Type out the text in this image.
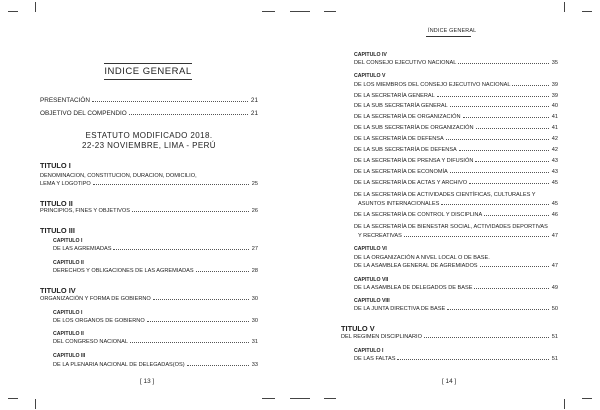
INDICE GENERAL
PRESENTACIÓN	21
OBJETIVO DEL COMPENDIO	21
ESTATUTO MODIFICADO 2018.
22-23 NOVIEMBRE, LIMA - PERÚ
TITULO I
DENOMINACION, CONSTITUCION, DURACION, DOMICILIO,
LEMA Y LOGOTIPO	25
TITULO II
PRINCIPIOS, FINES Y OBJETIVOS	26
TITULO III
CAPITULO I
DE LAS AGREMIADAS	27
CAPITULO II
DERECHOS Y OBLIGACIONES DE LAS AGREMIADAS	28
TITULO IV
ORGANIZACIÓN Y FORMA DE GOBIERNO	30
CAPITULO I
DE LOS ORGANOS DE GOBIERNO	30
CAPITULO II
DEL CONGRESO NACIONAL	31
CAPITULO III
DE LA PLENARIA NACIONAL DE DELEGADAS(OS)	33
[ 13 ]
ÍNDICE GENERAL
CAPITULO IV
DEL CONSEJO EJECUTIVO NACIONAL	35
CAPITULO V
DE LOS MIEMBROS DEL CONSEJO EJECUTIVO NACIONAL	39
DE LA SECRETARÍA GENERAL	39
DE LA SUB SECRETARÍA GENERAL	40
DE LA SECRETARÍA DE ORGANIZACIÓN	41
DE LA SUB SECRETARÍA DE ORGANIZACIÓN	41
DE LA SECRETARÍA DE DEFENSA	42
DE LA SUB SECRETARÍA DE DEFENSA	42
DE LA SECRETARÍA DE PRENSA Y DIFUSIÓN	43
DE LA SECRETARÍA DE ECONOMÍA	43
DE LA SECRETARÍA DE ACTAS Y ARCHIVO	45
DE LA SECRETARÍA DE ACTIVIDADES CIENTÍFICAS, CULTURALES Y
ASUNTOS INTERNACIONALES	45
DE LA SECRETARÍA DE CONTROL Y DISCIPLINA	46
DE LA SECRETARÍA DE BIENESTAR SOCIAL, ACTIVIDADES DEPORTIVAS
Y RECREATIVAS	47
CAPITULO VI
DE LA ORGANIZACIÓN A NIVEL LOCAL O DE BASE.
DE LA ASAMBLEA GENERAL DE AGREMIADOS	47
CAPITULO VII
DE LA ASAMBLEA DE DELEGADOS DE BASE	49
CAPITULO VIII
DE LA JUNTA DIRECTIVA DE BASE	50
TITULO V
DEL REGIMEN DISCIPLINARIO	51
CAPITULO I
DE LAS FALTAS	51
[ 14 ]
